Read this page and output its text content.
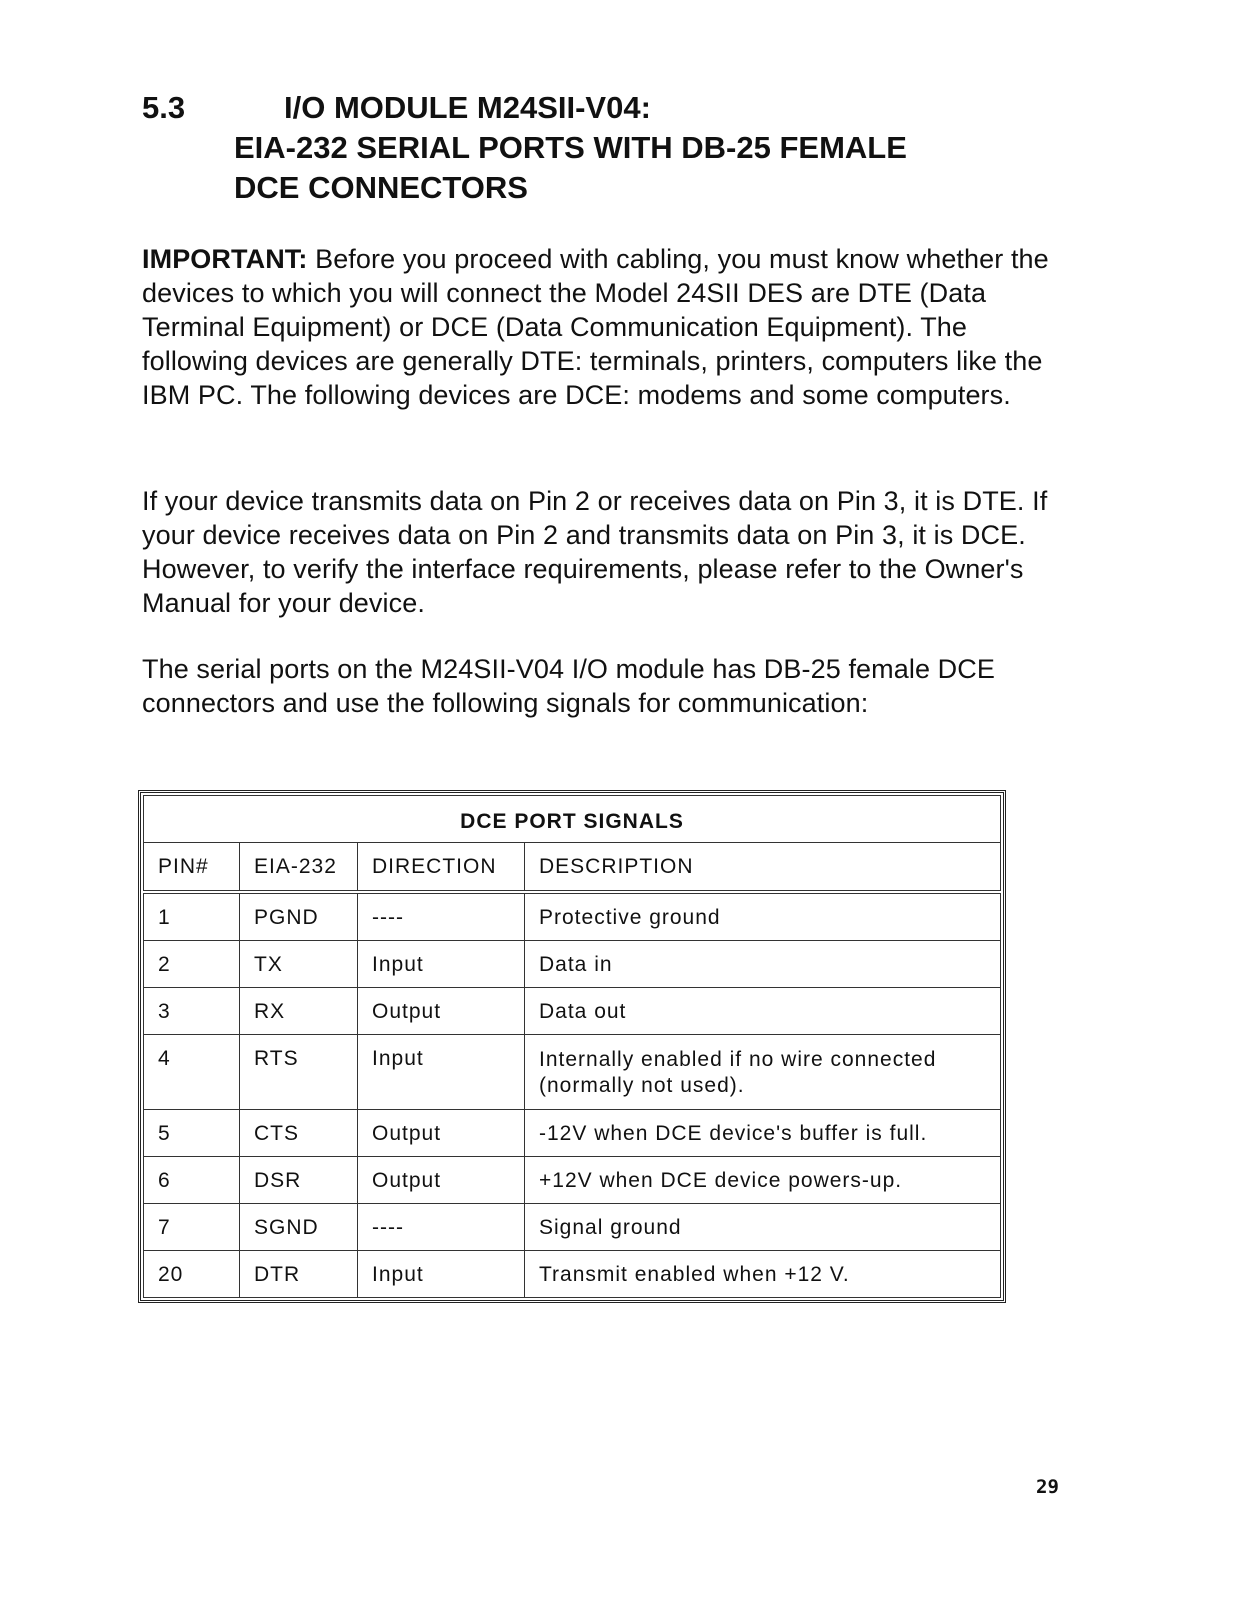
5.3	I/O MODULE M24SII-V04:
EIA-232 SERIAL PORTS WITH DB-25 FEMALE
DCE CONNECTORS
IMPORTANT: Before you proceed with cabling, you must know whether the devices to which you will connect the Model 24SII DES are DTE (Data Terminal Equipment) or DCE (Data Communication Equipment). The following devices are generally DTE: terminals, printers, computers like the IBM PC. The following devices are DCE: modems and some computers.
If your device transmits data on Pin 2 or receives data on Pin 3, it is DTE. If your device receives data on Pin 2 and transmits data on Pin 3, it is DCE. However, to verify the interface requirements, please refer to the Owner's Manual for your device.
The serial ports on the M24SII-V04 I/O module has DB-25 female DCE connectors and use the following signals for communication:
DCE PORT SIGNALS			
PIN#	EIA-232	DIRECTION	DESCRIPTION
1	PGND	----	Protective ground
2	TX	Input	Data in
3	RX	Output	Data out
4	RTS	Input	Internally enabled if no wire connected (normally not used).
5	CTS	Output	-12V when DCE device's buffer is full.
6	DSR	Output	+12V when DCE device powers-up.
7	SGND	----	Signal ground
20	DTR	Input	Transmit enabled when +12 V.
29
